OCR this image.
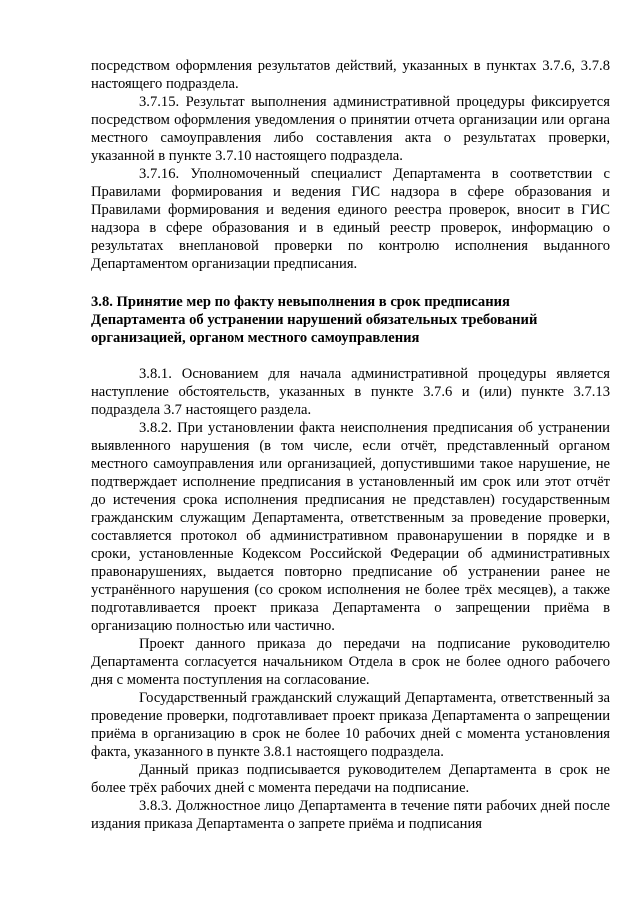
посредством оформления результатов действий, указанных в пунктах 3.7.6, 3.7.8 настоящего подраздела.

3.7.15. Результат выполнения административной процедуры фиксируется посредством оформления уведомления о принятии отчета организации или органа местного самоуправления либо составления акта о результатах проверки, указанной в пункте 3.7.10 настоящего подраздела.

3.7.16. Уполномоченный специалист Департамента в соответствии с Правилами формирования и ведения ГИС надзора в сфере образования и Правилами формирования и ведения единого реестра проверок, вносит в ГИС надзора в сфере образования и в единый реестр проверок, информацию о результатах внеплановой проверки по контролю исполнения выданного Департаментом организации предписания.

3.8. Принятие мер по факту невыполнения в срок предписания

Департамента об устранении нарушений обязательных требований

организацией, органом местного самоуправления

3.8.1. Основанием для начала административной процедуры является наступление обстоятельств, указанных в пункте 3.7.6 и (или) пункте 3.7.13 подраздела 3.7 настоящего раздела.

3.8.2. При установлении факта неисполнения предписания об устранении выявленного нарушения (в том числе, если отчёт, представленный органом местного самоуправления или организацией, допустившими такое нарушение, не подтверждает исполнение предписания в установленный им срок или этот отчёт до истечения срока исполнения предписания не представлен) государственным гражданским служащим Департамента, ответственным за проведение проверки, составляется протокол об административном правонарушении в порядке и в сроки, установленные Кодексом Российской Федерации об административных правонарушениях, выдается повторно предписание об устранении ранее не устранённого нарушения (со сроком исполнения не более трёх месяцев), а также подготавливается проект приказа Департамента о запрещении приёма в организацию полностью или частично.

Проект данного приказа до передачи на подписание руководителю Департамента согласуется начальником Отдела в срок не более одного рабочего дня с момента поступления на согласование.

Государственный гражданский служащий Департамента, ответственный за проведение проверки, подготавливает проект приказа Департамента о запрещении приёма в организацию в срок не более 10 рабочих дней с момента установления факта, указанного в пункте 3.8.1 настоящего подраздела.

Данный приказ подписывается руководителем Департамента в срок не более трёх рабочих дней с момента передачи на подписание.

3.8.3. Должностное лицо Департамента в течение пяти рабочих дней после издания приказа Департамента о запрете приёма и подписания
